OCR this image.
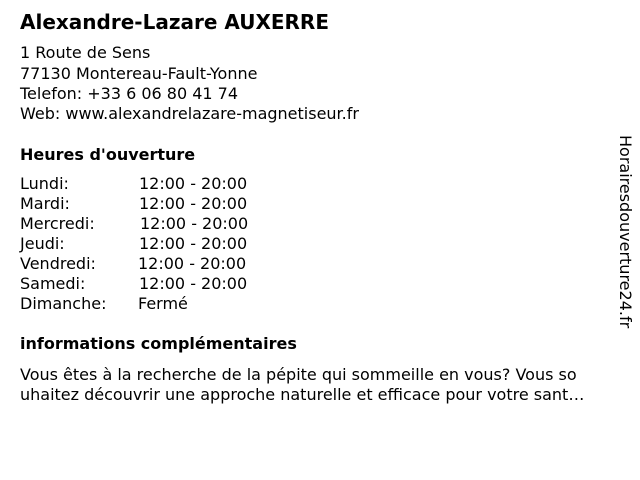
Alexandre-Lazare AUXERRE
1 Route de Sens
77130 Montereau-Fault-Yonne
Telefon: +33 6 06 80 41 74
Web: www.alexandrelazare-magnetiseur.fr
Heures d'ouverture
Lundi:	12:00 - 20:00
Mardi:	12:00 - 20:00
Mercredi:	12:00 - 20:00
Jeudi:	12:00 - 20:00
Vendredi:	12:00 - 20:00
Samedi:	12:00 - 20:00
Dimanche: Fermé
informations complémentaires
Vous êtes à la recherche de la pépite qui sommeille en vous? Vous so
uhaitez découvrir une approche naturelle et efficace pour votre sant…
Horairesdouverture24.fr
